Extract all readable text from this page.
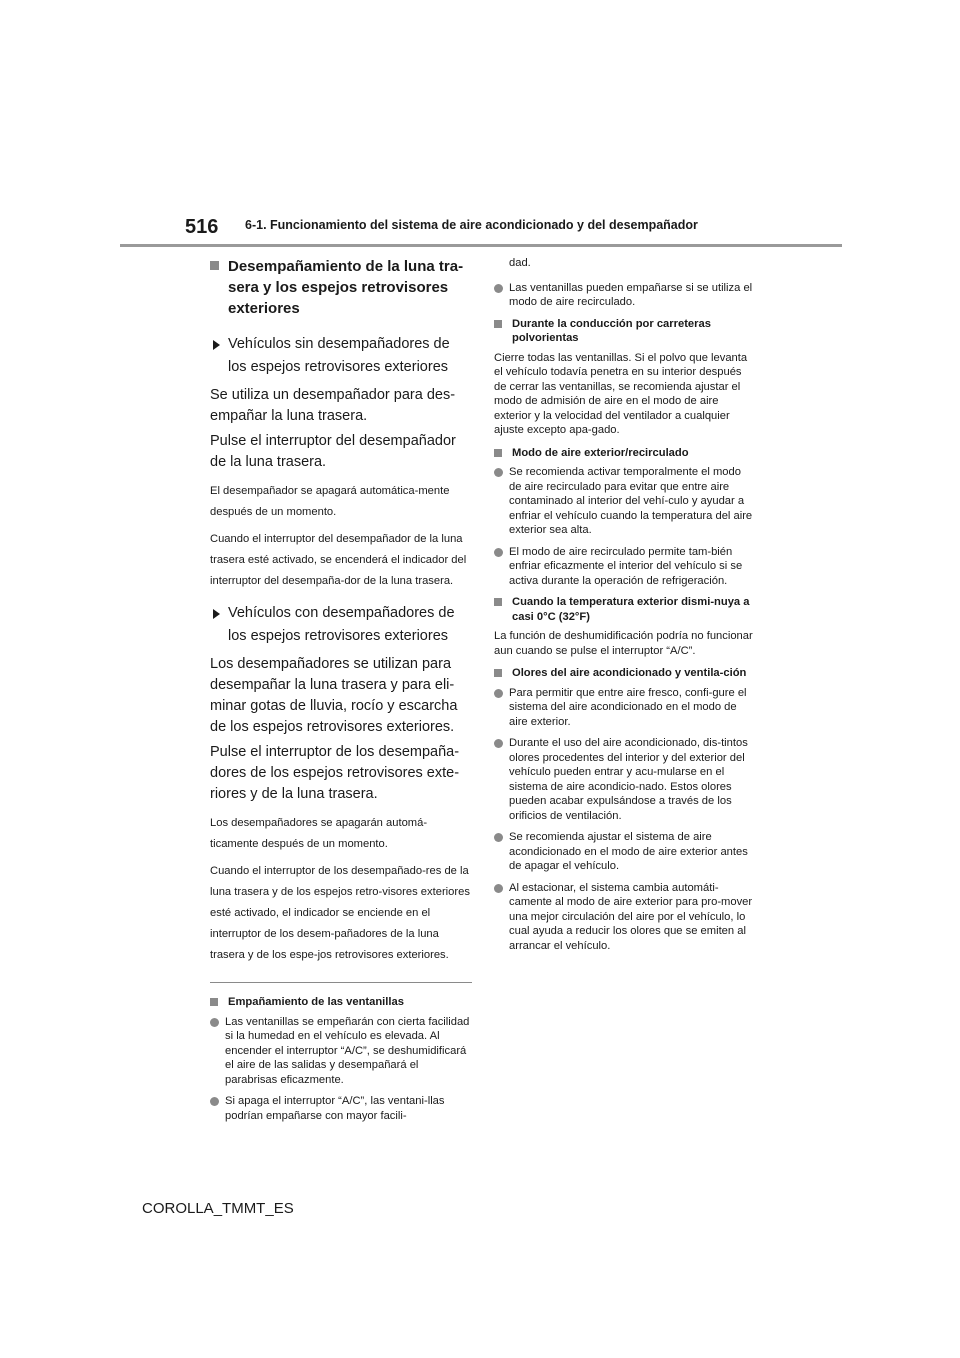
516 6-1. Funcionamiento del sistema de aire acondicionado y del desempañador
Desempañamiento de la luna tra-sera y los espejos retrovisores exteriores
Vehículos sin desempañadores de los espejos retrovisores exteriores

Se utiliza un desempañador para des-empañar la luna trasera.

Pulse el interruptor del desempañador de la luna trasera.

El desempañador se apagará automática-mente después de un momento.

Cuando el interruptor del desempañador de la luna trasera esté activado, se encenderá el indicador del interruptor del desempaña-dor de la luna trasera.

Vehículos con desempañadores de los espejos retrovisores exteriores

Los desempañadores se utilizan para desempañar la luna trasera y para eli-minar gotas de lluvia, rocío y escarcha de los espejos retrovisores exteriores.

Pulse el interruptor de los desempaña-dores de los espejos retrovisores exte-riores y de la luna trasera.

Los desempañadores se apagarán automá-ticamente después de un momento.

Cuando el interruptor de los desempañado-res de la luna trasera y de los espejos retro-visores exteriores esté activado, el indicador se enciende en el interruptor de los desem-pañadores de la luna trasera y de los espe-jos retrovisores exteriores.

Empañamiento de las ventanillas
Las ventanillas se empeñarán con cierta facilidad si la humedad en el vehículo es elevada. Al encender el interruptor “A/C”, se deshumidificará el aire de las salidas y desempañará el parabrisas eficazmente.
Si apaga el interruptor “A/C”, las ventani-llas podrían empañarse con mayor facili-

dad.

Las ventanillas pueden empañarse si se utiliza el modo de aire recirculado.
Durante la conducción por carreteras polvorientas

Cierre todas las ventanillas. Si el polvo que levanta el vehículo todavía penetra en su interior después de cerrar las ventanillas, se recomienda ajustar el modo de admisión de aire en el modo de aire exterior y la velocidad del ventilador a cualquier ajuste excepto apa-gado.

Modo de aire exterior/recirculado
Se recomienda activar temporalmente el modo de aire recirculado para evitar que entre aire contaminado al interior del vehí-culo y ayudar a enfriar el vehículo cuando la temperatura del aire exterior sea alta.
El modo de aire recirculado permite tam-bién enfriar eficazmente el interior del vehículo si se activa durante la operación de refrigeración.
Cuando la temperatura exterior dismi-nuya a casi 0°C (32°F)

La función de deshumidificación podría no funcionar aun cuando se pulse el interruptor “A/C”.

Olores del aire acondicionado y ventila-ción
Para permitir que entre aire fresco, confi-gure el sistema del aire acondicionado en el modo de aire exterior.
Durante el uso del aire acondicionado, dis-tintos olores procedentes del interior y del exterior del vehículo pueden entrar y acu-mularse en el sistema de aire acondicio-nado. Estos olores pueden acabar expulsándose a través de los orificios de ventilación.
Se recomienda ajustar el sistema de aire acondicionado en el modo de aire exterior antes de apagar el vehículo.
Al estacionar, el sistema cambia automáti-camente al modo de aire exterior para pro-mover una mejor circulación del aire por el vehículo, lo cual ayuda a reducir los olores que se emiten al arrancar el vehículo.
COROLLA_TMMT_ES
